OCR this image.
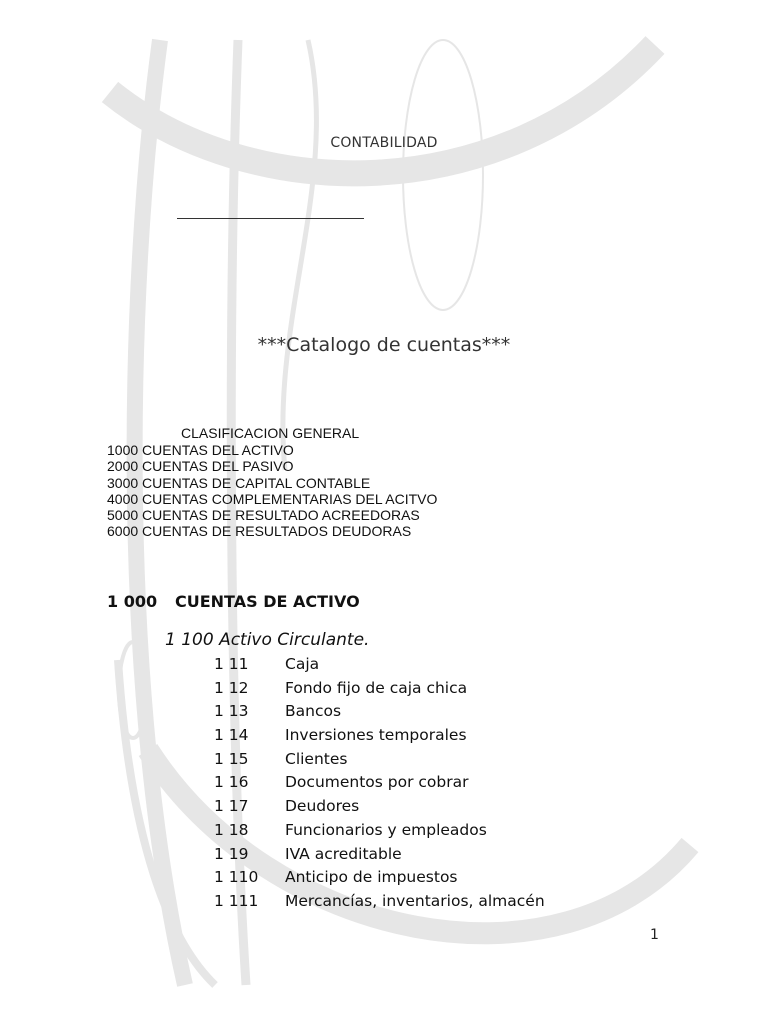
CONTABILIDAD

***Catalogo de cuentas***

CLASIFICACION GENERAL
1000 CUENTAS DEL ACTIVO
2000 CUENTAS DEL PASIVO
3000 CUENTAS DE CAPITAL CONTABLE
4000 CUENTAS COMPLEMENTARIAS DEL ACITVO
5000 CUENTAS DE RESULTADO ACREEDORAS
6000 CUENTAS DE RESULTADOS DEUDORAS
1 000 CUENTAS DE ACTIVO
1 100 Activo Circulante.
1 11	Caja
1 12	Fondo fijo de caja chica
1 13	Bancos
1 14	Inversiones temporales
1 15	Clientes
1 16	Documentos por cobrar
1 17	Deudores
1 18	Funcionarios y empleados
1 19	IVA acreditable
1 110	Anticipo de impuestos
1 111	Mercancías, inventarios, almacén
1
